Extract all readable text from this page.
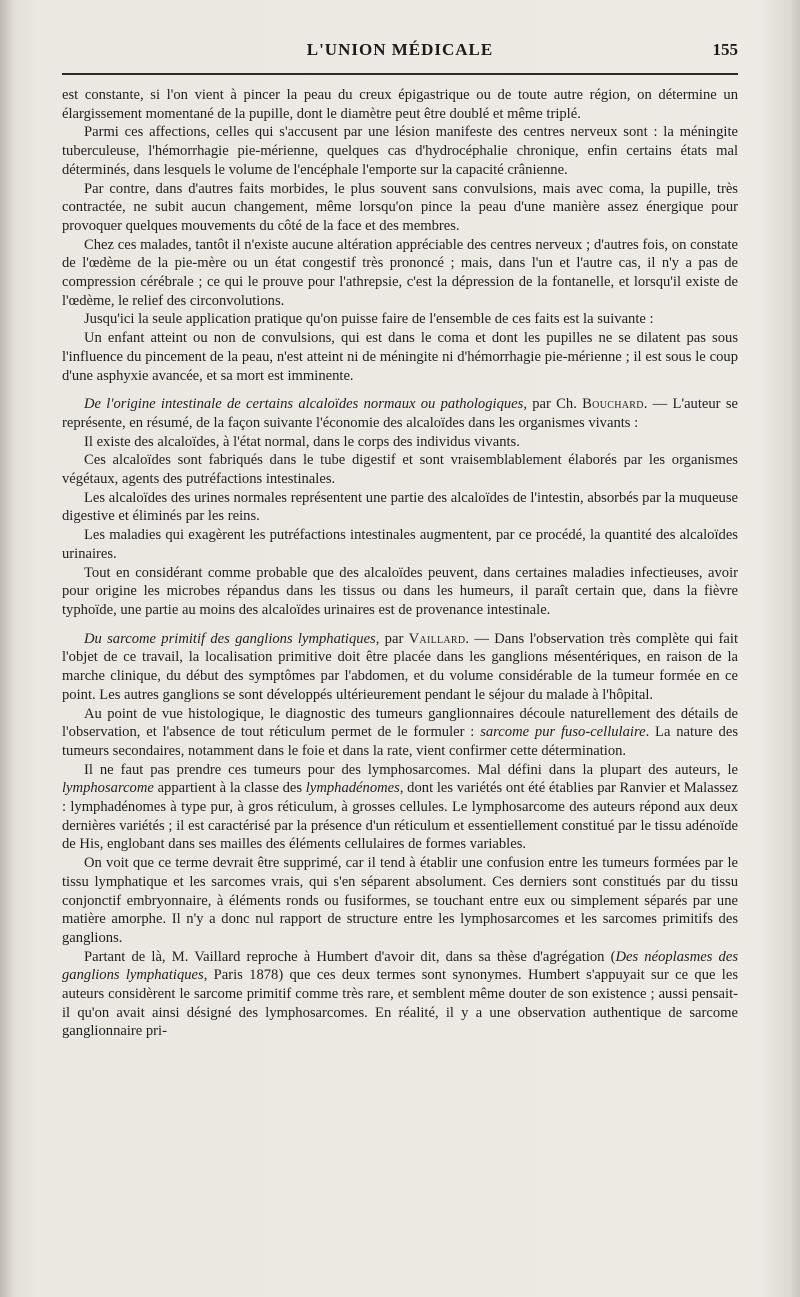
L'UNION MÉDICALE	155

est constante, si l'on vient à pincer la peau du creux épigastrique ou de toute autre région, on détermine un élargissement momentané de la pupille, dont le diamètre peut être doublé et même triplé.

Parmi ces affections, celles qui s'accusent par une lésion manifeste des centres nerveux sont : la méningite tuberculeuse, l'hémorrhagie pie-mérienne, quelques cas d'hydrocéphalie chronique, enfin certains états mal déterminés, dans lesquels le volume de l'encéphale l'emporte sur la capacité crânienne.

Par contre, dans d'autres faits morbides, le plus souvent sans convulsions, mais avec coma, la pupille, très contractée, ne subit aucun changement, même lorsqu'on pince la peau d'une manière assez énergique pour provoquer quelques mouvements du côté de la face et des membres.

Chez ces malades, tantôt il n'existe aucune altération appréciable des centres nerveux ; d'autres fois, on constate de l'œdème de la pie-mère ou un état congestif très prononcé ; mais, dans l'un et l'autre cas, il n'y a pas de compression cérébrale ; ce qui le prouve pour l'athrepsie, c'est la dépression de la fontanelle, et lorsqu'il existe de l'œdème, le relief des circonvolutions.

Jusqu'ici la seule application pratique qu'on puisse faire de l'ensemble de ces faits est la suivante :

Un enfant atteint ou non de convulsions, qui est dans le coma et dont les pupilles ne se dilatent pas sous l'influence du pincement de la peau, n'est atteint ni de méningite ni d'hémorrhagie pie-mérienne ; il est sous le coup d'une asphyxie avancée, et sa mort est imminente.

De l'origine intestinale de certains alcaloïdes normaux ou pathologiques, par Ch. Bouchard. — L'auteur se représente, en résumé, de la façon suivante l'économie des alcaloïdes dans les organismes vivants :

Il existe des alcaloïdes, à l'état normal, dans le corps des individus vivants.

Ces alcaloïdes sont fabriqués dans le tube digestif et sont vraisemblablement élaborés par les organismes végétaux, agents des putréfactions intestinales.

Les alcaloïdes des urines normales représentent une partie des alcaloïdes de l'intestin, absorbés par la muqueuse digestive et éliminés par les reins.

Les maladies qui exagèrent les putréfactions intestinales augmentent, par ce procédé, la quantité des alcaloïdes urinaires.

Tout en considérant comme probable que des alcaloïdes peuvent, dans certaines maladies infectieuses, avoir pour origine les microbes répandus dans les tissus ou dans les humeurs, il paraît certain que, dans la fièvre typhoïde, une partie au moins des alcaloïdes urinaires est de provenance intestinale.

Du sarcome primitif des ganglions lymphatiques, par Vaillard. — Dans l'observation très complète qui fait l'objet de ce travail, la localisation primitive doit être placée dans les ganglions mésentériques, en raison de la marche clinique, du début des symptômes par l'abdomen, et du volume considérable de la tumeur formée en ce point. Les autres ganglions se sont développés ultérieurement pendant le séjour du malade à l'hôpital.

Au point de vue histologique, le diagnostic des tumeurs ganglionnaires découle naturellement des détails de l'observation, et l'absence de tout réticulum permet de le formuler : sarcome pur fuso-cellulaire. La nature des tumeurs secondaires, notamment dans le foie et dans la rate, vient confirmer cette détermination.

Il ne faut pas prendre ces tumeurs pour des lymphosarcomes. Mal défini dans la plupart des auteurs, le lymphosarcome appartient à la classe des lymphadénomes, dont les variétés ont été établies par Ranvier et Malassez : lymphadénomes à type pur, à gros réticulum, à grosses cellules. Le lymphosarcome des auteurs répond aux deux dernières variétés ; il est caractérisé par la présence d'un réticulum et essentiellement constitué par le tissu adénoïde de His, englobant dans ses mailles des éléments cellulaires de formes variables.

On voit que ce terme devrait être supprimé, car il tend à établir une confusion entre les tumeurs formées par le tissu lymphatique et les sarcomes vrais, qui s'en séparent absolument. Ces derniers sont constitués par du tissu conjonctif embryonnaire, à éléments ronds ou fusiformes, se touchant entre eux ou simplement séparés par une matière amorphe. Il n'y a donc nul rapport de structure entre les lymphosarcomes et les sarcomes primitifs des ganglions.

Partant de là, M. Vaillard reproche à Humbert d'avoir dit, dans sa thèse d'agrégation (Des néoplasmes des ganglions lymphatiques, Paris 1878) que ces deux termes sont synonymes. Humbert s'appuyait sur ce que les auteurs considèrent le sarcome primitif comme très rare, et semblent même douter de son existence ; aussi pensait-il qu'on avait ainsi désigné des lymphosarcomes. En réalité, il y a une observation authentique de sarcome ganglionnaire pri-
